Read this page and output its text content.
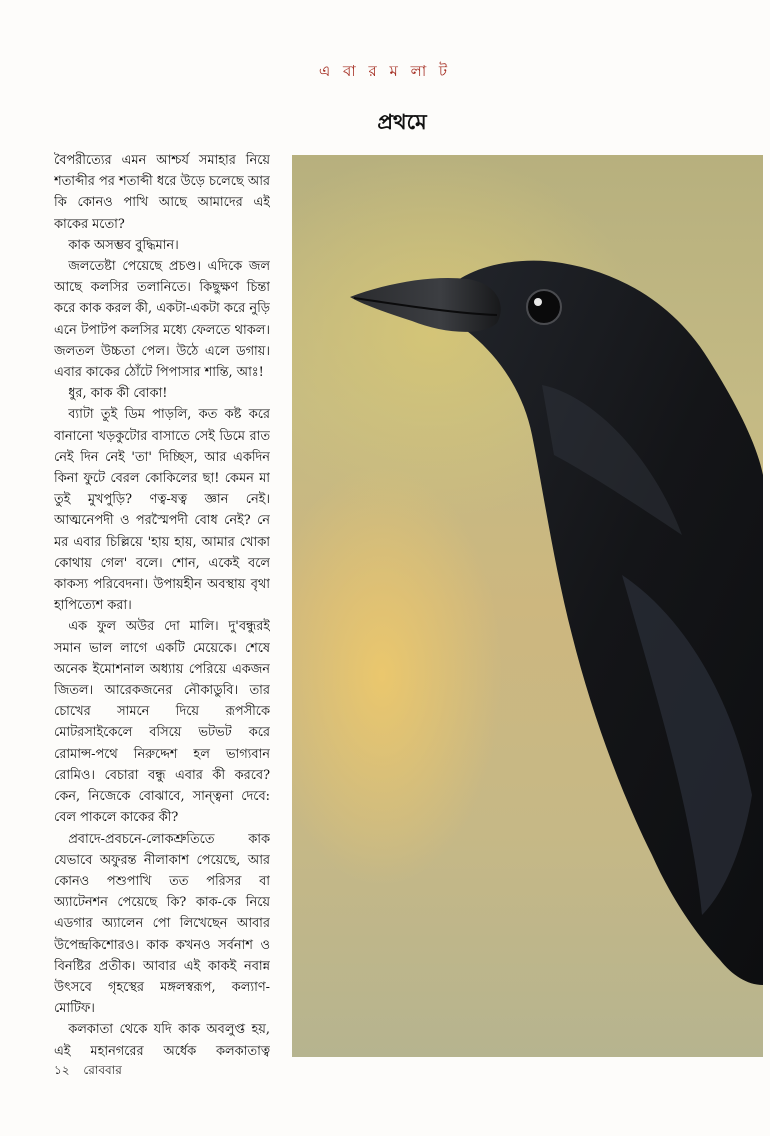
এ বা র ম লা ট
প্রথমে

বৈপরীত্যের এমন আশ্চর্য সমাহার নিয়ে শতাব্দীর পর শতাব্দী ধরে উড়ে চলেছে আর কি কোনও পাখি আছে আমাদের এই কাকের মতো?

কাক অসম্ভব বুদ্ধিমান।

জলতেষ্টা পেয়েছে প্রচণ্ড। এদিকে জল আছে কলসির তলানিতে। কিছুক্ষণ চিন্তা করে কাক করল কী, একটা-একটা করে নুড়ি এনে টপাটপ কলসির মধ্যে ফেলতে থাকল। জলতল উচ্চতা পেল। উঠে এলে ডগায়। এবার কাকের ঠোঁটে পিপাসার শান্তি, আঃ!

ধুর, কাক কী বোকা!

ব্যাটা তুই ডিম পাড়লি, কত কষ্ট করে বানানো খড়কুটোর বাসাতে সেই ডিমে রাত নেই দিন নেই 'তা' দিচ্ছিস, আর একদিন কিনা ফুটে বেরল কোকিলের ছা! কেমন মা তুই মুখপুড়ি? ণত্ব-ষত্ব জ্ঞান নেই। আত্মনেপদী ও পরস্মৈপদী বোধ নেই? নে মর এবার চিল্লিয়ে 'হায় হায়, আমার খোকা কোথায় গেল' বলে। শোন, একেই বলে কাকস্য পরিবেদনা। উপায়হীন অবস্থায় বৃথা হাপিত্যেশ করা।

এক ফুল অউর দো মালি। দু'বন্ধুরই সমান ভাল লাগে একটি মেয়েকে। শেষে অনেক ইমোশনাল অধ্যায় পেরিয়ে একজন জিতল। আরেকজনের নৌকাডুবি। তার চোখের সামনে দিয়ে রূপসীকে মোটরসাইকেলে বসিয়ে ভটভট করে রোমান্স-পথে নিরুদ্দেশ হল ভাগ্যবান রোমিও। বেচারা বন্ধু এবার কী করবে? কেন, নিজেকে বোঝাবে, সান্ত্বনা দেবে: বেল পাকলে কাকের কী?

প্রবাদে-প্রবচনে-লোকশ্রুতিতে কাক যেভাবে অফুরন্ত নীলাকাশ পেয়েছে, আর কোনও পশুপাখি তত পরিসর বা অ্যাটেনশন পেয়েছে কি? কাক-কে নিয়ে এডগার অ্যালেন পো লিখেছেন আবার উপেন্দ্রকিশোরও। কাক কখনও সর্বনাশ ও বিনষ্টির প্রতীক। আবার এই কাকই নবান্ন উৎসবে গৃহস্থের মঙ্গলস্বরূপ, কল্যাণ-মোটিফ।

কলকাতা থেকে যদি কাক অবলুপ্ত হয়, এই মহানগরের অর্ধেক কলকাতাত্ব

১২ রোববার
